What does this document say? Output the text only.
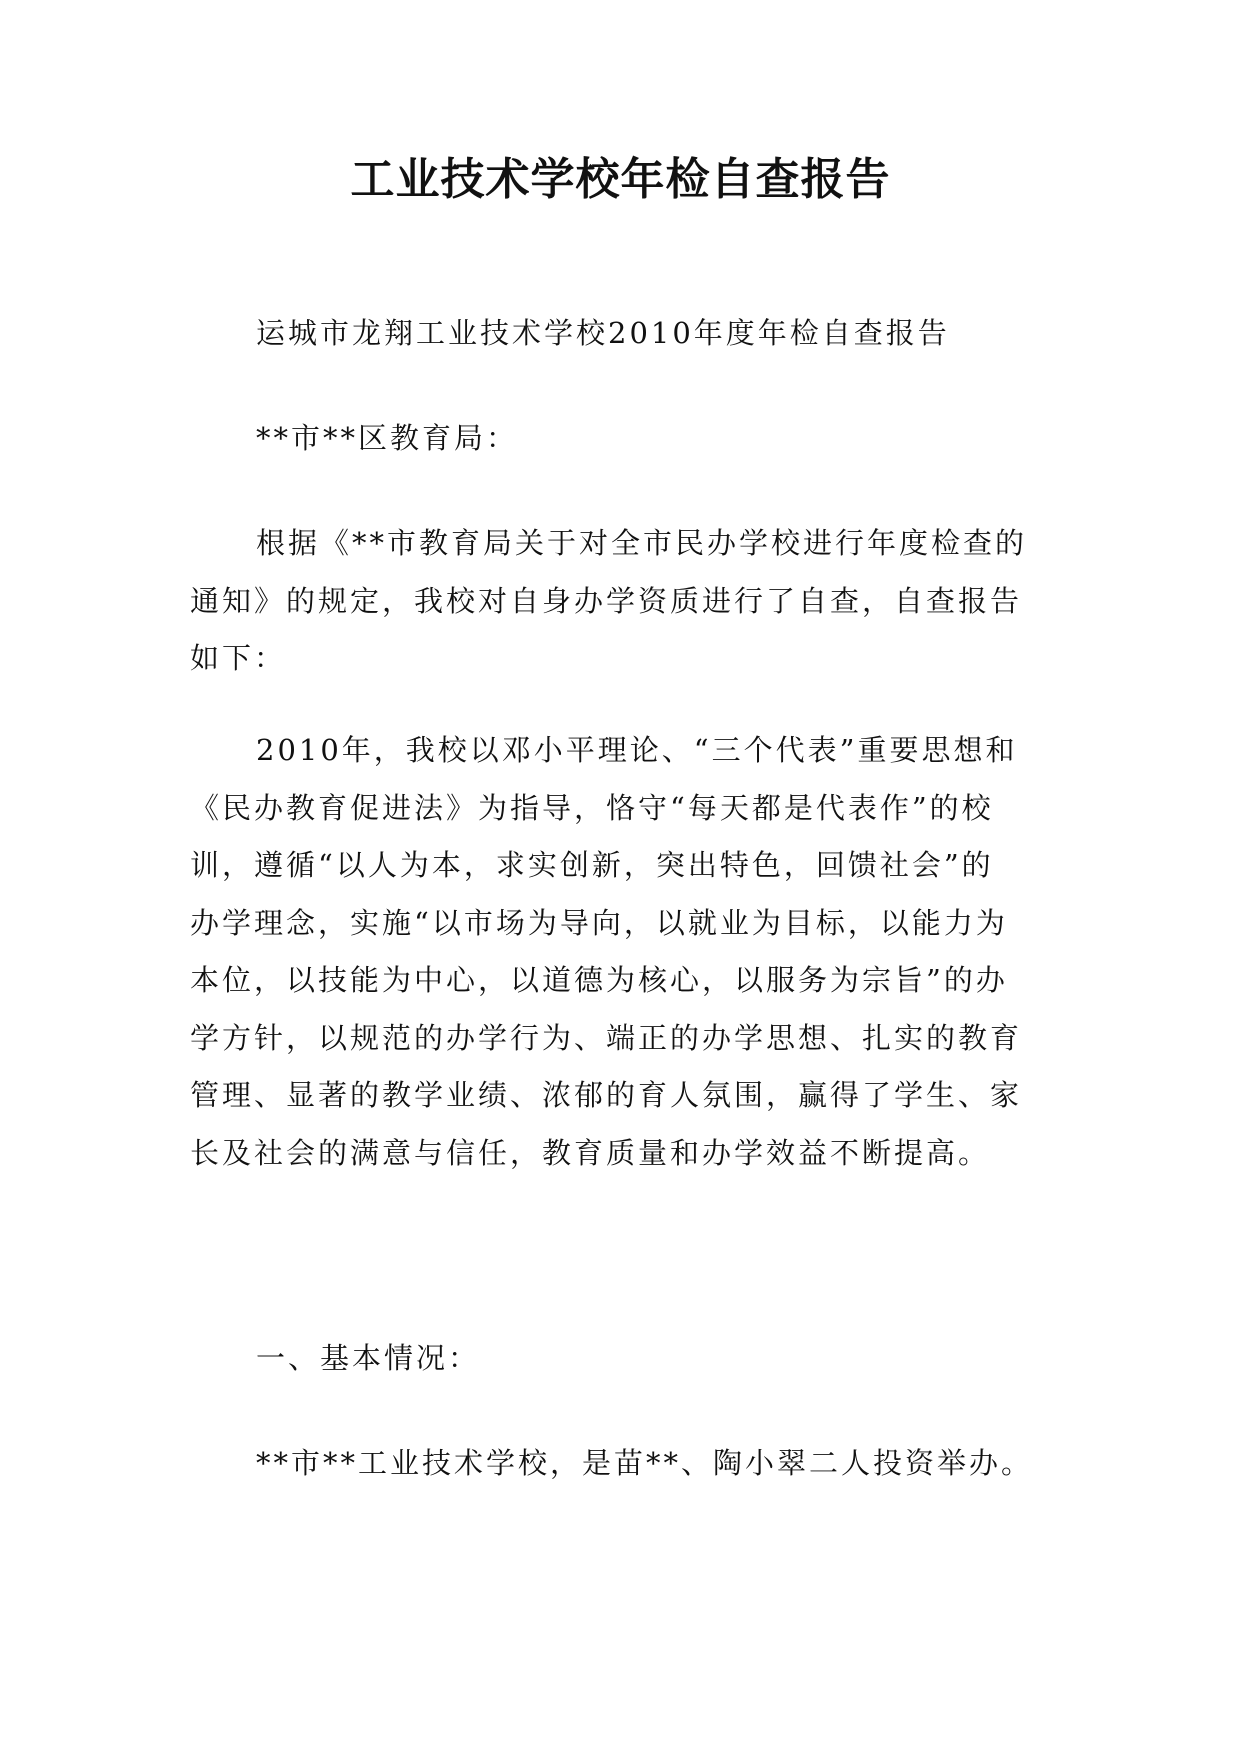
工业技术学校年检自查报告

运城市龙翔工业技术学校2010年度年检自查报告

**市**区教育局：

根据《**市教育局关于对全市民办学校进行年度检查的
通知》的规定，我校对自身办学资质进行了自查，自查报告
如下：

2010年，我校以邓小平理论、“三个代表”重要思想和
《民办教育促进法》为指导，恪守“每天都是代表作”的校
训，遵循“以人为本，求实创新，突出特色，回馈社会”的
办学理念，实施“以市场为导向，以就业为目标，以能力为
本位，以技能为中心，以道德为核心，以服务为宗旨”的办
学方针，以规范的办学行为、端正的办学思想、扎实的教育
管理、显著的教学业绩、浓郁的育人氛围，赢得了学生、家
长及社会的满意与信任，教育质量和办学效益不断提高。

一、基本情况：

**市**工业技术学校，是苗**、陶小翠二人投资举办。
